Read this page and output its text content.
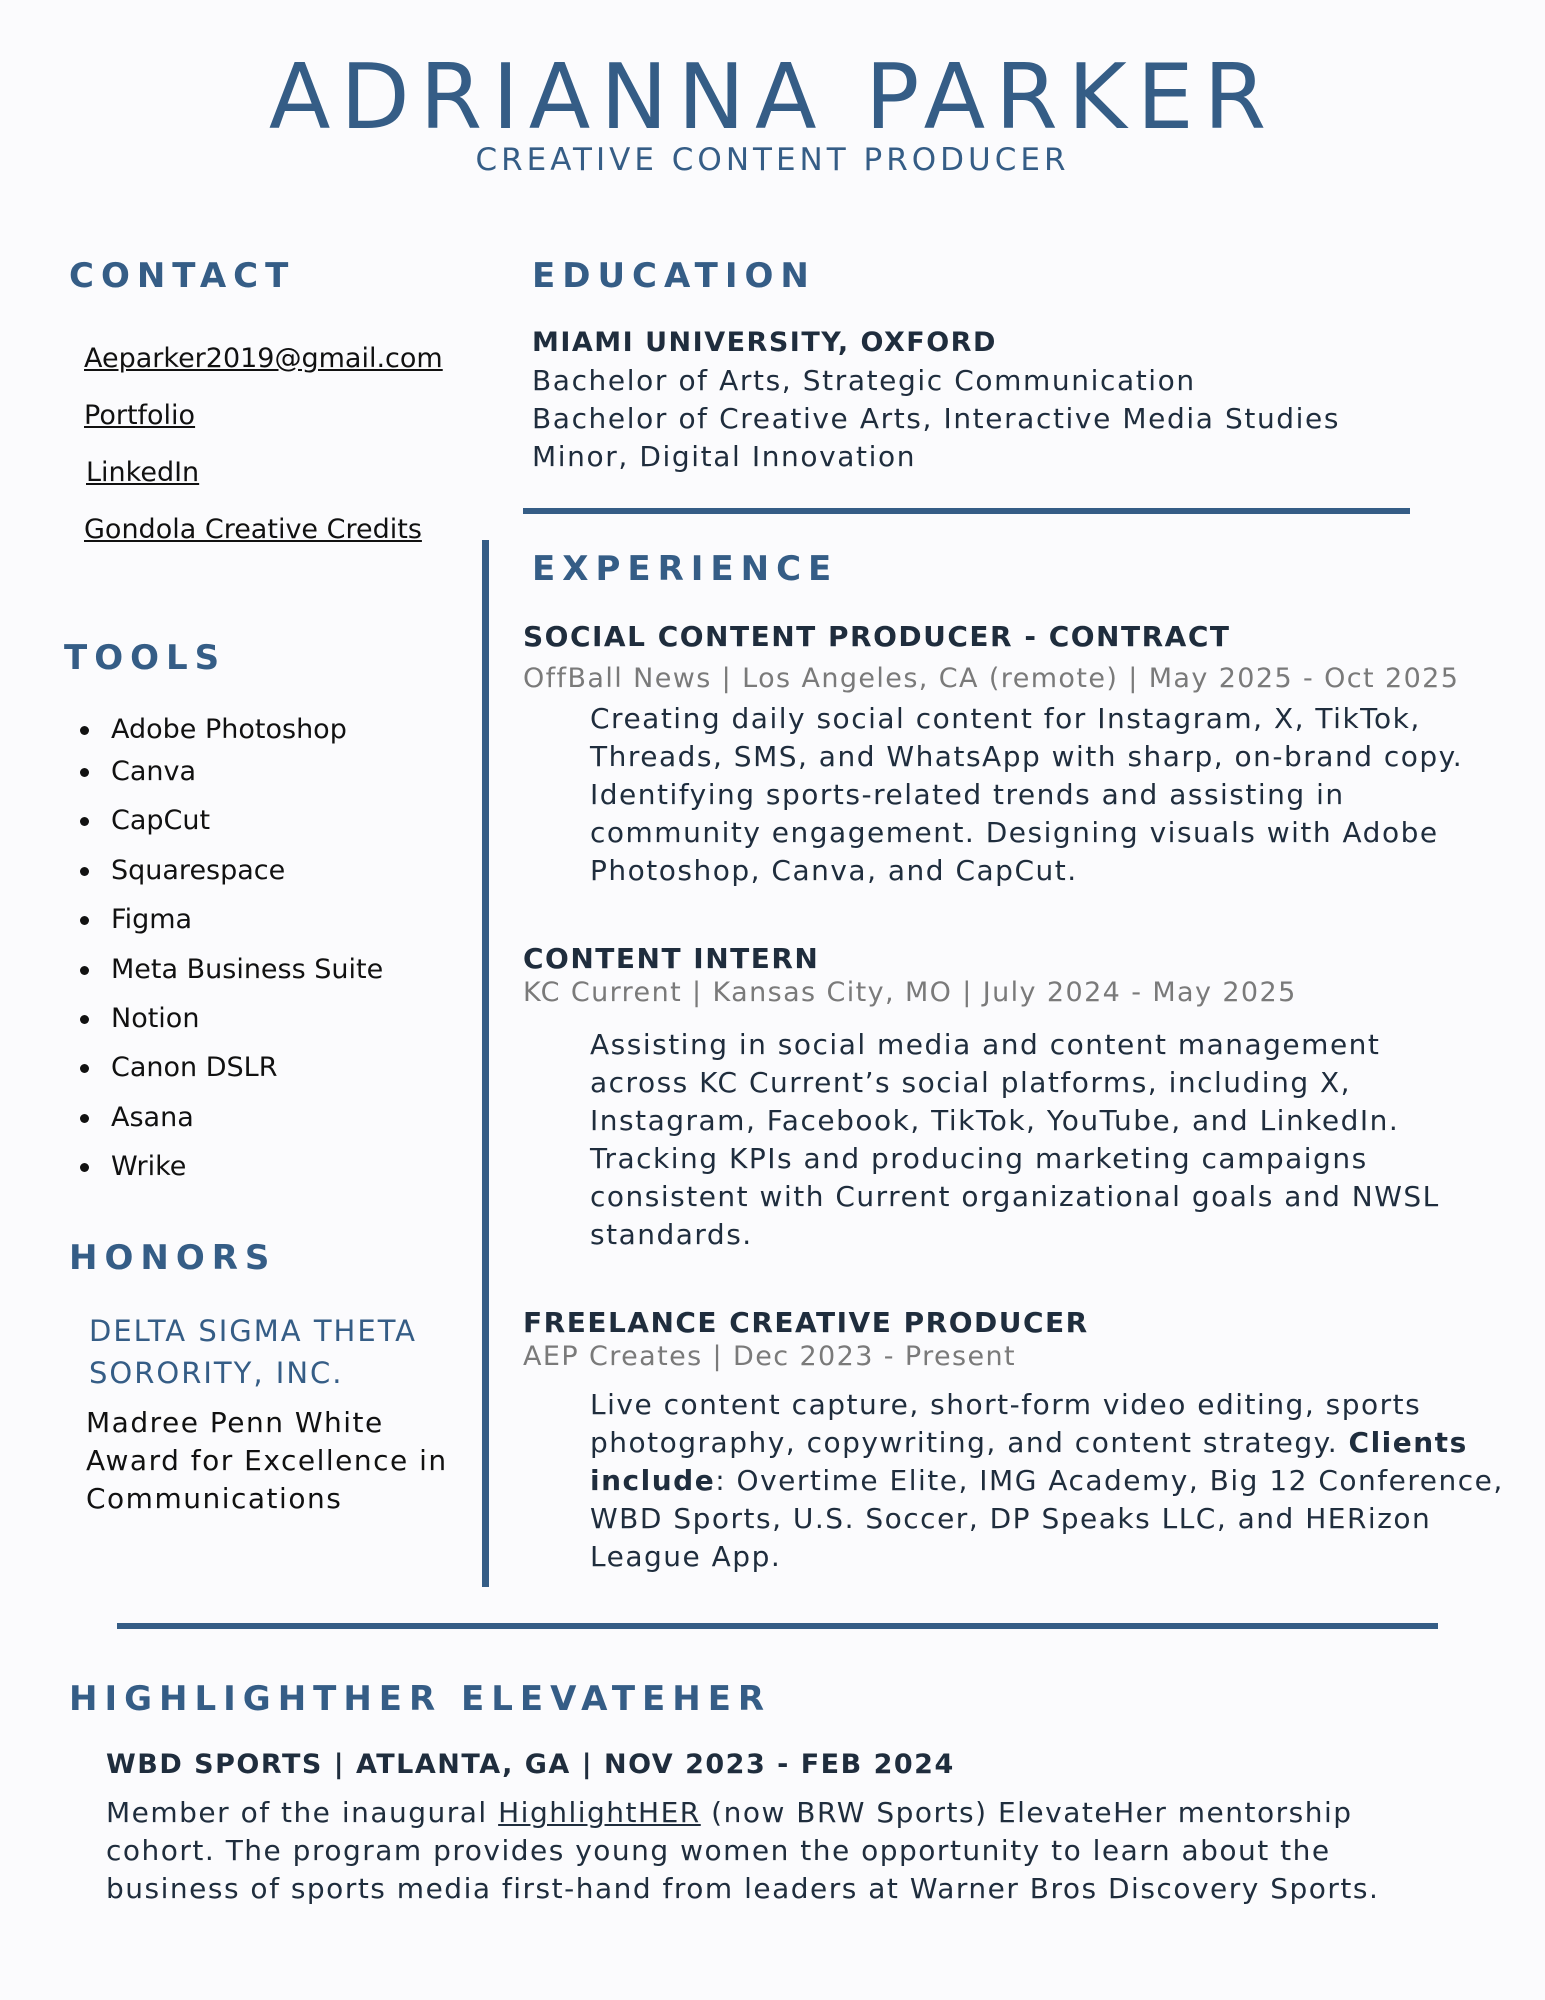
ADRIANNA PARKER
CREATIVE CONTENT PRODUCER
CONTACT
Aeparker2019@gmail.com
Portfolio
LinkedIn
Gondola Creative Credits
TOOLS
Adobe Photoshop
Canva
CapCut
Squarespace
Figma
Meta Business Suite
Notion
Canon DSLR
Asana
Wrike
HONORS
DELTA SIGMA THETA
SORORITY, INC.
Madree Penn White
Award for Excellence in
Communications
EDUCATION
MIAMI UNIVERSITY, OXFORD
Bachelor of Arts, Strategic Communication
Bachelor of Creative Arts, Interactive Media Studies
Minor, Digital Innovation
EXPERIENCE
SOCIAL CONTENT PRODUCER - CONTRACT
OffBall News | Los Angeles, CA (remote) | May 2025 - Oct 2025
Creating daily social content for Instagram, X, TikTok,
Threads, SMS, and WhatsApp with sharp, on-brand copy.
Identifying sports-related trends and assisting in
community engagement. Designing visuals with Adobe
Photoshop, Canva, and CapCut.
CONTENT INTERN
KC Current | Kansas City, MO | July 2024 - May 2025
Assisting in social media and content management
across KC Current’s social platforms, including X,
Instagram, Facebook, TikTok, YouTube, and LinkedIn.
Tracking KPIs and producing marketing campaigns
consistent with Current organizational goals and NWSL
standards.
FREELANCE CREATIVE PRODUCER
AEP Creates | Dec 2023 - Present
Live content capture, short-form video editing, sports
photography, copywriting, and content strategy. Clients
include: Overtime Elite, IMG Academy, Big 12 Conference,
WBD Sports, U.S. Soccer, DP Speaks LLC, and HERizon
League App.
HIGHLIGHTHER ELEVATEHER
WBD SPORTS | ATLANTA, GA | NOV 2023 - FEB 2024
Member of the inaugural HighlightHER (now BRW Sports) ElevateHer mentorship
cohort. The program provides young women the opportunity to learn about the
business of sports media first-hand from leaders at Warner Bros Discovery Sports.
